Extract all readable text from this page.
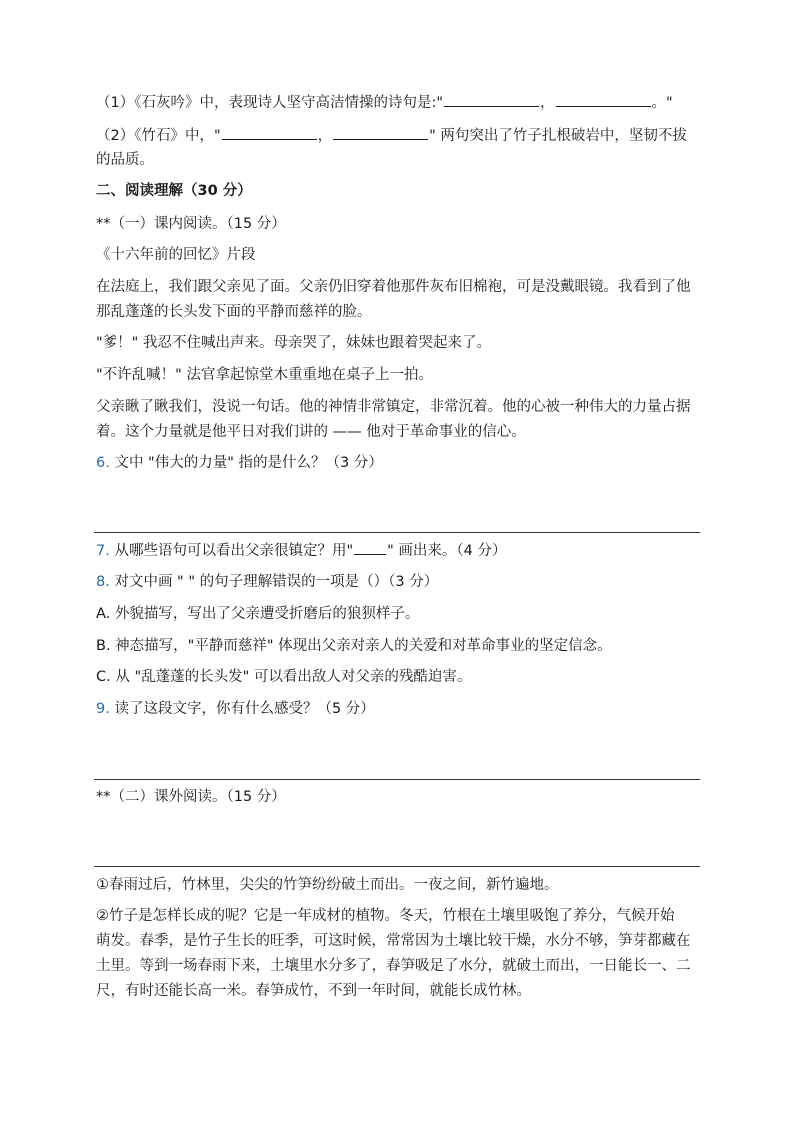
（1）《石灰吟》中，表现诗人坚守高洁情操的诗句是:"	，	。"
（2）《竹石》中，"	，	" 两句突出了竹子扎根破岩中，坚韧不拔
的品质。
二、阅读理解（30 分）
**（一）课内阅读。（15 分）
《十六年前的回忆》片段
在法庭上，我们跟父亲见了面。父亲仍旧穿着他那件灰布旧棉袍，可是没戴眼镜。我看到了他
那乱蓬蓬的长头发下面的平静而慈祥的脸。
"爹！" 我忍不住喊出声来。母亲哭了，妹妹也跟着哭起来了。
"不许乱喊！" 法官拿起惊堂木重重地在桌子上一拍。
父亲瞅了瞅我们，没说一句话。他的神情非常镇定，非常沉着。他的心被一种伟大的力量占据
着。这个力量就是他平日对我们讲的 —— 他对于革命事业的信心。
6. 文中 "伟大的力量" 指的是什么？（3 分）
7. 从哪些语句可以看出父亲很镇定？用" " 画出来。（4 分）
8. 对文中画 " " 的句子理解错误的一项是（）（3 分）
A. 外貌描写，写出了父亲遭受折磨后的狼狈样子。
B. 神态描写，"平静而慈祥" 体现出父亲对亲人的关爱和对革命事业的坚定信念。
C. 从 "乱蓬蓬的长头发" 可以看出敌人对父亲的残酷迫害。
9. 读了这段文字，你有什么感受？（5 分）
**（二）课外阅读。（15 分）
①春雨过后，竹林里，尖尖的竹笋纷纷破土而出。一夜之间，新竹遍地。
②竹子是怎样长成的呢？它是一年成材的植物。冬天，竹根在土壤里吸饱了养分，气候开始
萌发。春季，是竹子生长的旺季，可这时候，常常因为土壤比较干燥，水分不够，笋芽都藏在
土里。等到一场春雨下来，土壤里水分多了，春笋吸足了水分，就破土而出，一日能长一、二
尺，有时还能长高一米。春笋成竹，不到一年时间，就能长成竹林。
